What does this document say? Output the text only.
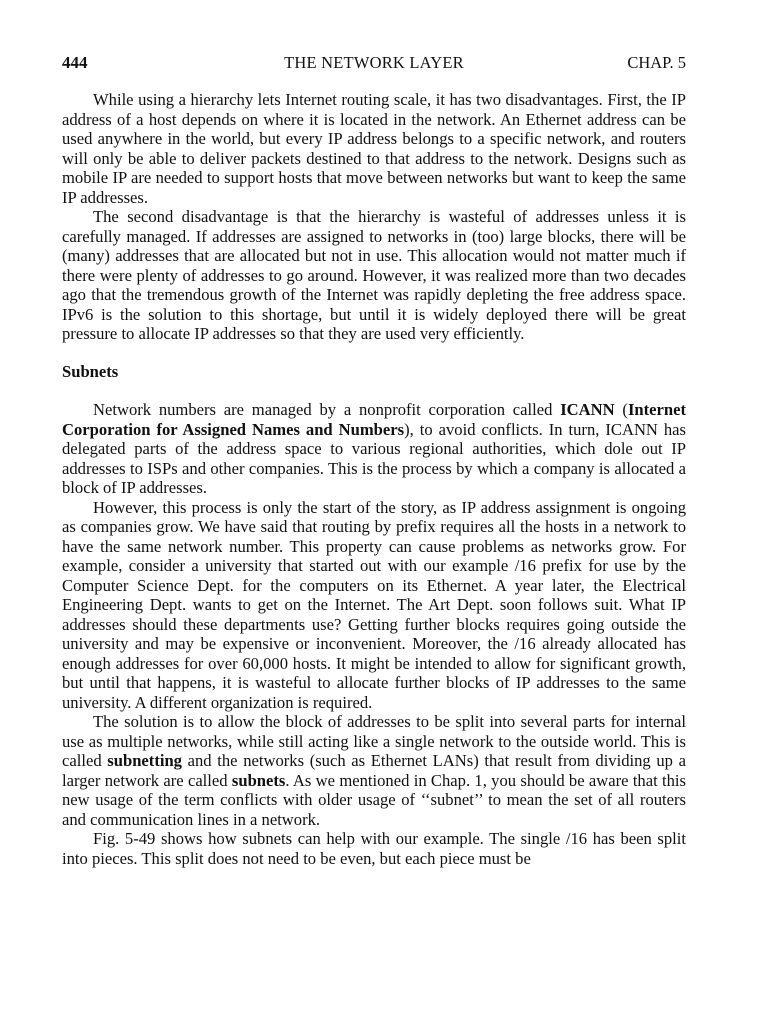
444	THE NETWORK LAYER	CHAP. 5

While using a hierarchy lets Internet routing scale, it has two disadvantages. First, the IP address of a host depends on where it is located in the network. An Ethernet address can be used anywhere in the world, but every IP address belongs to a specific network, and routers will only be able to deliver packets destined to that address to the network. Designs such as mobile IP are needed to support hosts that move between networks but want to keep the same IP addresses.

The second disadvantage is that the hierarchy is wasteful of addresses unless it is carefully managed. If addresses are assigned to networks in (too) large blocks, there will be (many) addresses that are allocated but not in use. This allocation would not matter much if there were plenty of addresses to go around. However, it was realized more than two decades ago that the tremendous growth of the Internet was rapidly depleting the free address space. IPv6 is the solution to this shortage, but until it is widely deployed there will be great pressure to allocate IP addresses so that they are used very efficiently.

Subnets

Network numbers are managed by a nonprofit corporation called ICANN (Internet Corporation for Assigned Names and Numbers), to avoid conflicts. In turn, ICANN has delegated parts of the address space to various regional authorities, which dole out IP addresses to ISPs and other companies. This is the process by which a company is allocated a block of IP addresses.

However, this process is only the start of the story, as IP address assignment is ongoing as companies grow. We have said that routing by prefix requires all the hosts in a network to have the same network number. This property can cause problems as networks grow. For example, consider a university that started out with our example /16 prefix for use by the Computer Science Dept. for the computers on its Ethernet. A year later, the Electrical Engineering Dept. wants to get on the Internet. The Art Dept. soon follows suit. What IP addresses should these departments use? Getting further blocks requires going outside the university and may be expensive or inconvenient. Moreover, the /16 already allocated has enough addresses for over 60,000 hosts. It might be intended to allow for significant growth, but until that happens, it is wasteful to allocate further blocks of IP addresses to the same university. A different organization is required.

The solution is to allow the block of addresses to be split into several parts for internal use as multiple networks, while still acting like a single network to the outside world. This is called subnetting and the networks (such as Ethernet LANs) that result from dividing up a larger network are called subnets. As we mentioned in Chap. 1, you should be aware that this new usage of the term conflicts with older usage of ‘‘subnet’’ to mean the set of all routers and communication lines in a network.

Fig. 5-49 shows how subnets can help with our example. The single /16 has been split into pieces. This split does not need to be even, but each piece must be
